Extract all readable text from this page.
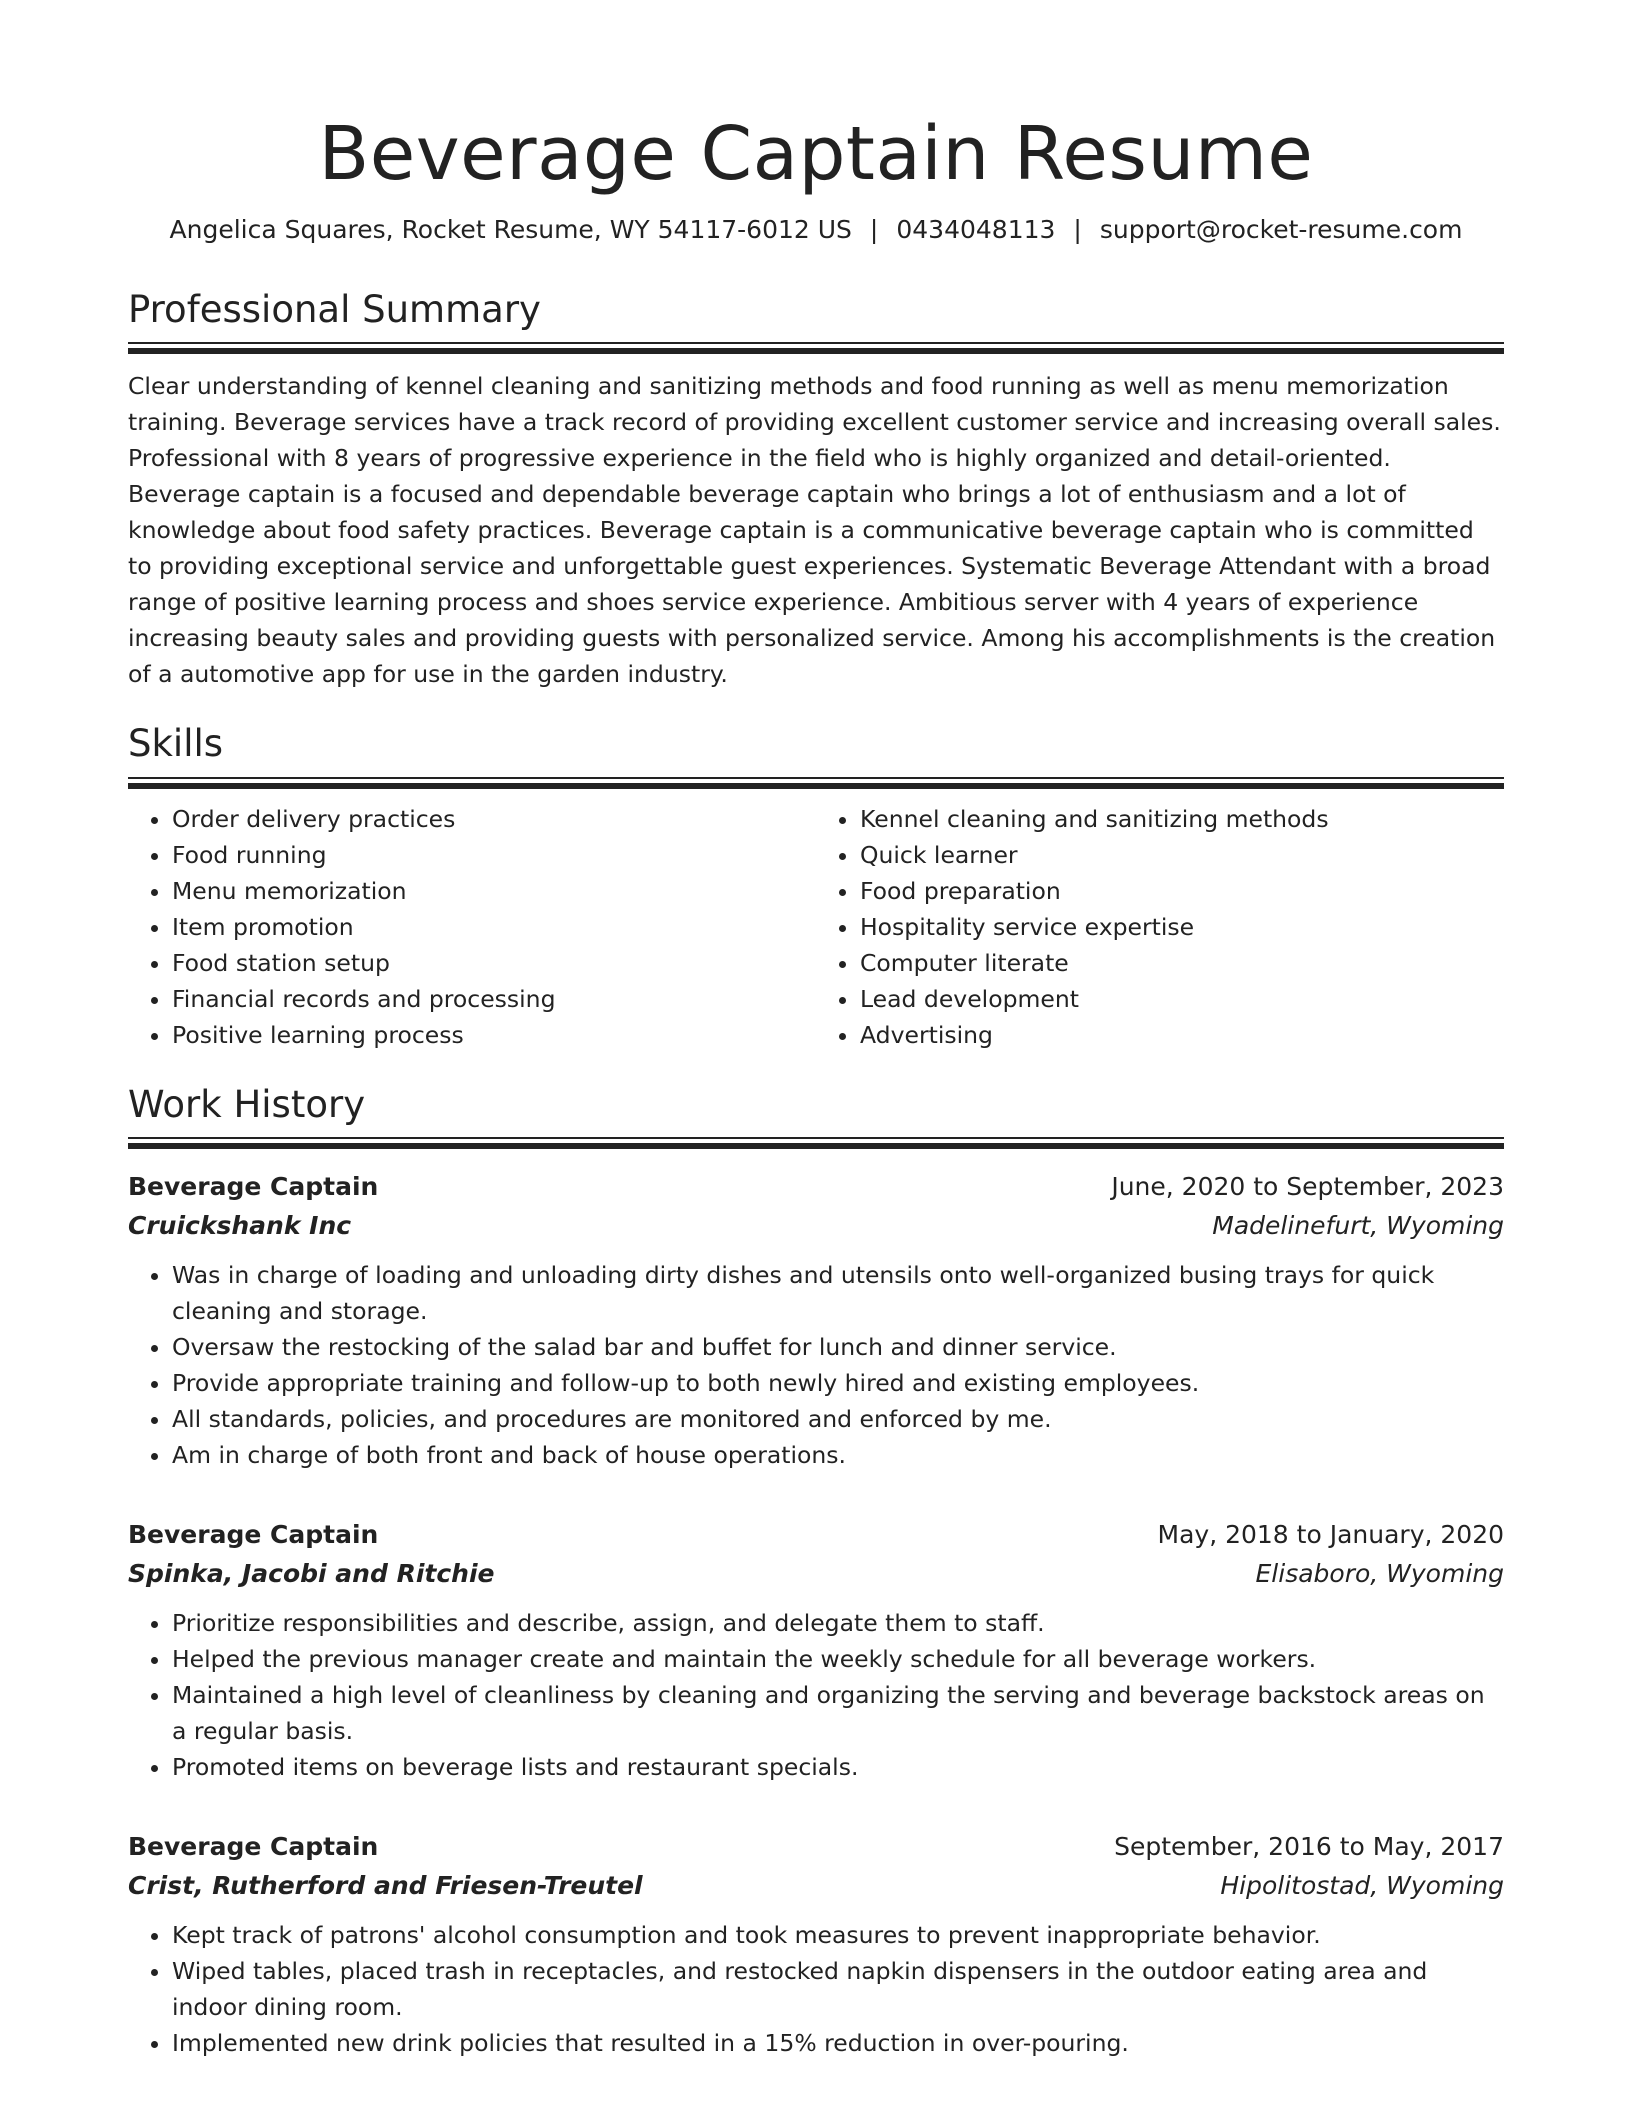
Beverage Captain Resume
Angelica Squares, Rocket Resume, WY 54117-6012 US | 0434048113 | support@rocket-resume.com
Professional Summary

Clear understanding of kennel cleaning and sanitizing methods and food running as well as menu memorization training. Beverage services have a track record of providing excellent customer service and increasing overall sales. Professional with 8 years of progressive experience in the field who is highly organized and detail-oriented. Beverage captain is a focused and dependable beverage captain who brings a lot of enthusiasm and a lot of knowledge about food safety practices. Beverage captain is a communicative beverage captain who is committed to providing exceptional service and unforgettable guest experiences. Systematic Beverage Attendant with a broad range of positive learning process and shoes service experience. Ambitious server with 4 years of experience increasing beauty sales and providing guests with personalized service. Among his accomplishments is the creation of a automotive app for use in the garden industry.

Skills
• Order delivery practices
• Food running
• Menu memorization
• Item promotion
• Food station setup
• Financial records and processing
• Positive learning process
• Kennel cleaning and sanitizing methods
• Quick learner
• Food preparation
• Hospitality service expertise
• Computer literate
• Lead development
• Advertising
Work History
Beverage Captain	June, 2020 to September, 2023
Cruickshank Inc	Madelinefurt, Wyoming
• Was in charge of loading and unloading dirty dishes and utensils onto well-organized busing trays for quick cleaning and storage.
• Oversaw the restocking of the salad bar and buffet for lunch and dinner service.
• Provide appropriate training and follow-up to both newly hired and existing employees.
• All standards, policies, and procedures are monitored and enforced by me.
• Am in charge of both front and back of house operations.
Beverage Captain	May, 2018 to January, 2020
Spinka, Jacobi and Ritchie	Elisaboro, Wyoming
• Prioritize responsibilities and describe, assign, and delegate them to staff.
• Helped the previous manager create and maintain the weekly schedule for all beverage workers.
• Maintained a high level of cleanliness by cleaning and organizing the serving and beverage backstock areas on a regular basis.
• Promoted items on beverage lists and restaurant specials.
Beverage Captain	September, 2016 to May, 2017
Crist, Rutherford and Friesen-Treutel	Hipolitostad, Wyoming
• Kept track of patrons' alcohol consumption and took measures to prevent inappropriate behavior.
• Wiped tables, placed trash in receptacles, and restocked napkin dispensers in the outdoor eating area and indoor dining room.
• Implemented new drink policies that resulted in a 15% reduction in over-pouring.
